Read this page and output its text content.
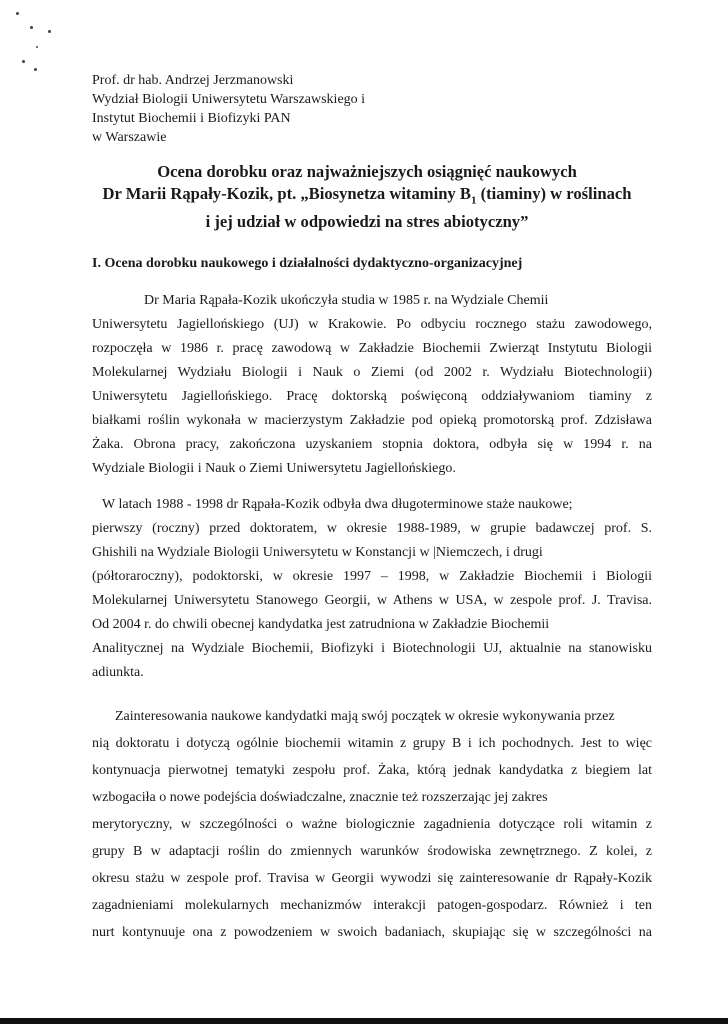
Prof. dr hab. Andrzej Jerzmanowski
Wydział Biologii Uniwersytetu Warszawskiego i
Instytut Biochemii i Biofizyki PAN
w Warszawie
Ocena dorobku oraz najważniejszych osiągnięć naukowych
Dr Marii Rąpały-Kozik, pt. „Biosynetza witaminy $B_1$ (tiaminy) w roślinach
i jej udział w odpowiedzi na stres abiotyczny”
I. Ocena dorobku naukowego i działalności dydaktyczno-organizacyjnej
Dr Maria Rąpała-Kozik ukończyła studia w 1985 r. na Wydziale Chemii
Uniwersytetu Jagiellońskiego (UJ) w Krakowie. Po odbyciu rocznego stażu zawodowego,
rozpoczęła w 1986 r. pracę zawodową w Zakładzie Biochemii Zwierząt Instytutu Biologii
Molekularnej Wydziału Biologii i Nauk o Ziemi (od 2002 r. Wydziału Biotechnologii)
Uniwersytetu Jagiellońskiego. Pracę doktorską poświęconą oddziaływaniom tiaminy z
białkami roślin wykonała w macierzystym Zakładzie pod opieką promotorską prof. Zdzisława
Żaka. Obrona pracy, zakończona uzyskaniem stopnia doktora, odbyła się w 1994 r. na
Wydziale Biologii i Nauk o Ziemi Uniwersytetu Jagiellońskiego.
W latach 1988 - 1998 dr Rąpała-Kozik odbyła dwa długoterminowe staże naukowe;
pierwszy (roczny) przed doktoratem, w okresie 1988-1989, w grupie badawczej prof. S.
Ghishili na Wydziale Biologii Uniwersytetu w Konstancji w |Niemczech, i drugi
(półtoraroczny), podoktorski, w okresie 1997 – 1998, w Zakładzie Biochemii i Biologii
Molekularnej Uniwersytetu Stanowego Georgii, w Athens w USA, w zespole prof. J. Travisa.
Od 2004 r. do chwili obecnej kandydatka jest zatrudniona w Zakładzie Biochemii
Analitycznej na Wydziale Biochemii, Biofizyki i Biotechnologii UJ, aktualnie na stanowisku
adiunkta.
Zainteresowania naukowe kandydatki mają swój początek w okresie wykonywania przez
nią doktoratu i dotyczą ogólnie biochemii witamin z grupy B i ich pochodnych. Jest to więc
kontynuacja pierwotnej tematyki zespołu prof. Żaka, którą jednak kandydatka z biegiem lat
wzbogaciła o nowe podejścia doświadczalne, znacznie też rozszerzając jej zakres
merytoryczny, w szczególności o ważne biologicznie zagadnienia dotyczące roli witamin z
grupy B w adaptacji roślin do zmiennych warunków środowiska zewnętrznego. Z kolei, z
okresu stażu w zespole prof. Travisa w Georgii wywodzi się zainteresowanie dr Rąpały-Kozik
zagadnieniami molekularnych mechanizmów interakcji patogen-gospodarz. Również i ten
nurt kontynuuje ona z powodzeniem w swoich badaniach, skupiając się w szczególności na
